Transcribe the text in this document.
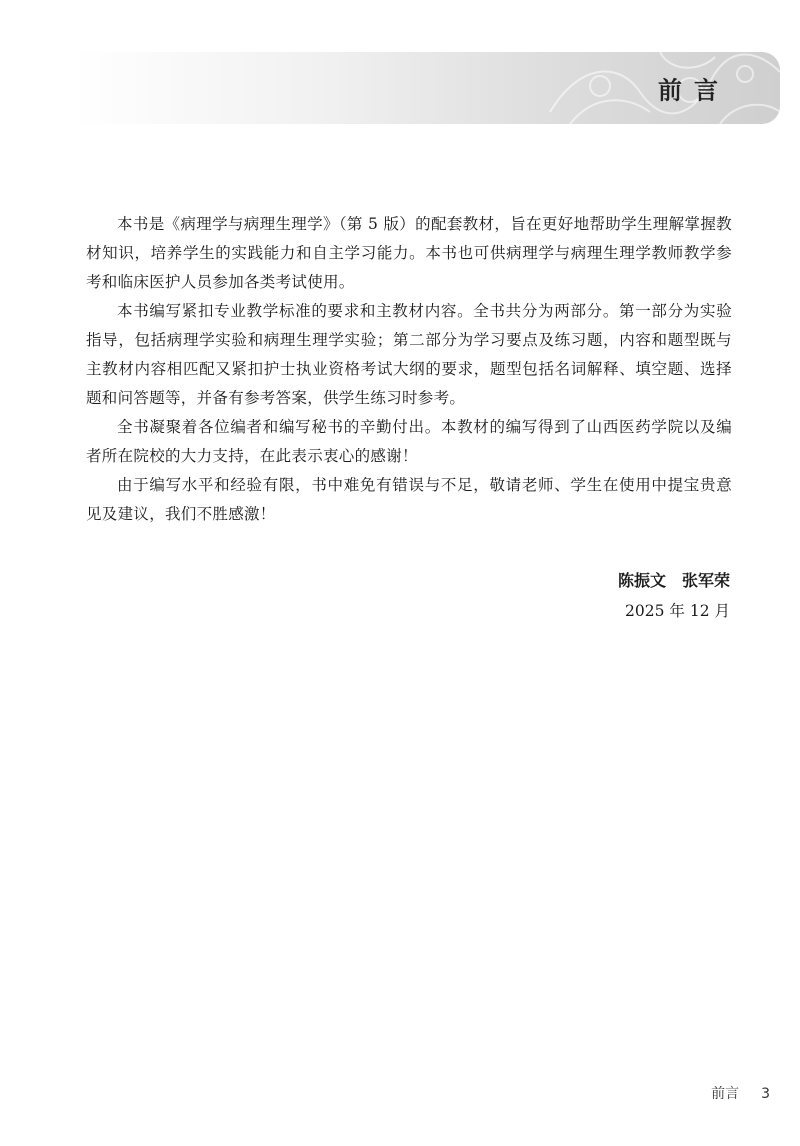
前言

本书是《病理学与病理生理学》（第 5 版）的配套教材，旨在更好地帮助学生理解掌握教材知识，培养学生的实践能力和自主学习能力。本书也可供病理学与病理生理学教师教学参考和临床医护人员参加各类考试使用。

本书编写紧扣专业教学标准的要求和主教材内容。全书共分为两部分。第一部分为实验指导，包括病理学实验和病理生理学实验；第二部分为学习要点及练习题，内容和题型既与主教材内容相匹配又紧扣护士执业资格考试大纲的要求，题型包括名词解释、填空题、选择题和问答题等，并备有参考答案，供学生练习时参考。

全书凝聚着各位编者和编写秘书的辛勤付出。本教材的编写得到了山西医药学院以及编者所在院校的大力支持，在此表示衷心的感谢！

由于编写水平和经验有限，书中难免有错误与不足，敬请老师、学生在使用中提宝贵意见及建议，我们不胜感激！

陈振文 张军荣
2025 年 12 月
前言 3
